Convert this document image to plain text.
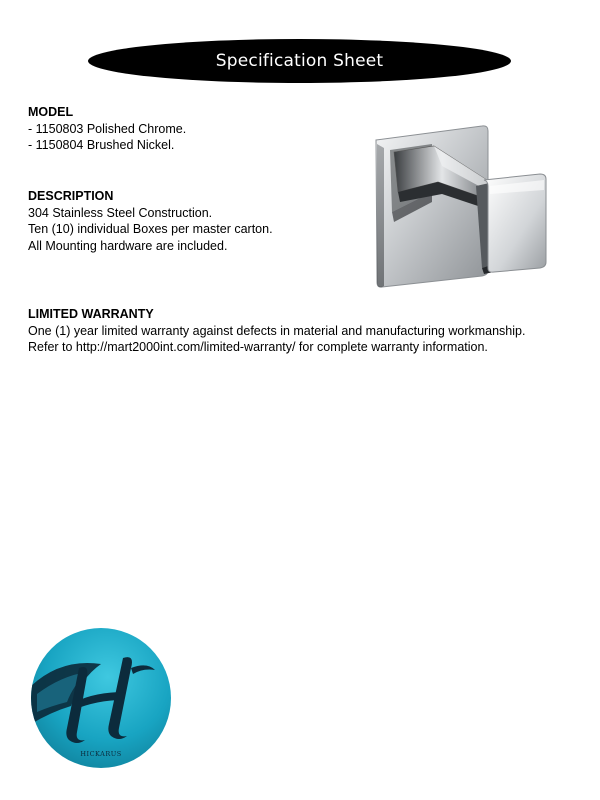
Specification Sheet
MODEL

- 1150803 Polished Chrome.

- 1150804 Brushed Nickel.

DESCRIPTION

304 Stainless Steel Construction.

Ten (10) individual Boxes per master carton.

All Mounting hardware are included.

LIMITED WARRANTY

One (1) year limited warranty against defects in material and manufacturing workmanship.

Refer to http://mart2000int.com/limited-warranty/ for complete warranty information.

HICKARUS
